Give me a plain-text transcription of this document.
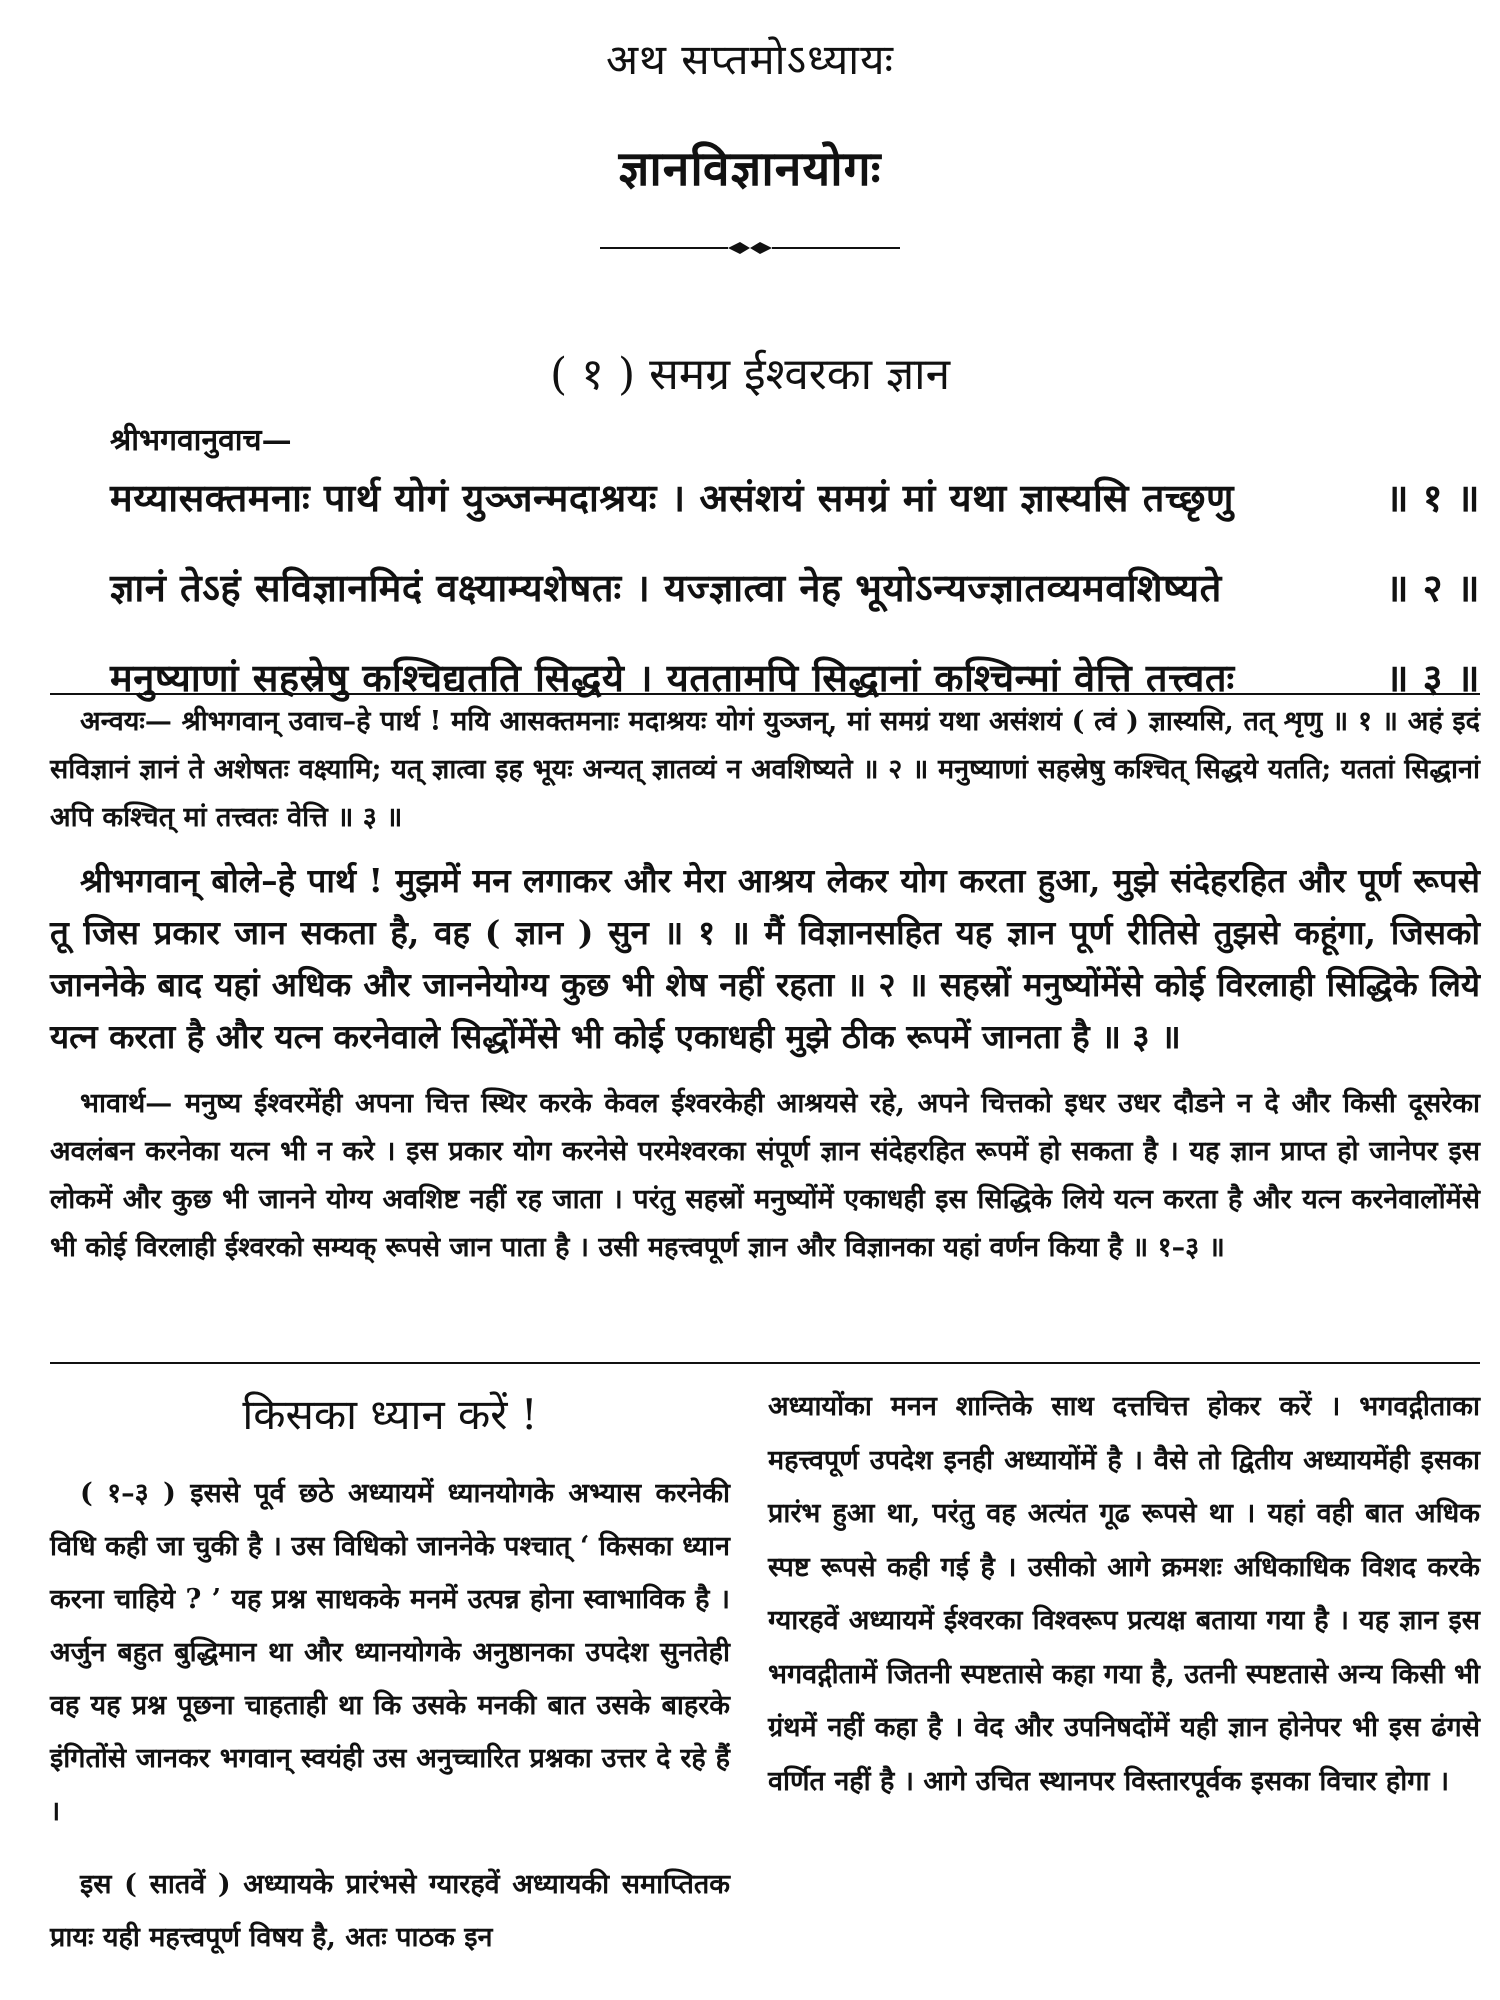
अथ सप्तमोऽध्यायः
ज्ञानविज्ञानयोगः
( १ ) समग्र ईश्वरका ज्ञान
श्रीभगवानुवाच—
मय्यासक्तमनाः पार्थ योगं युञ्जन्मदाश्रयः । असंशयं समग्रं मां यथा ज्ञास्यसि तच्छृणु	॥ १ ॥
ज्ञानं तेऽहं सविज्ञानमिदं वक्ष्याम्यशेषतः । यज्ज्ञात्वा नेह भूयोऽन्यज्ज्ञातव्यमवशिष्यते	॥ २ ॥
मनुष्याणां सहस्रेषु कश्चिद्यतति सिद्धये । यततामपि सिद्धानां कश्चिन्मां वेत्ति तत्त्वतः	॥ ३ ॥
अन्वयः— श्रीभगवान् उवाच–हे पार्थ ! मयि आसक्तमनाः मदाश्रयः योगं युञ्जन्, मां समग्रं यथा असंशयं ( त्वं ) ज्ञास्यसि, तत् शृणु ॥ १ ॥ अहं इदं सविज्ञानं ज्ञानं ते अशेषतः वक्ष्यामि; यत् ज्ञात्वा इह भूयः अन्यत् ज्ञातव्यं न अवशिष्यते ॥ २ ॥ मनुष्याणां सहस्रेषु कश्चित् सिद्धये यतति; यततां सिद्धानां अपि कश्चित् मां तत्त्वतः वेत्ति ॥ ३ ॥
श्रीभगवान् बोले–हे पार्थ ! मुझमें मन लगाकर और मेरा आश्रय लेकर योग करता हुआ, मुझे संदेहरहित और पूर्ण रूपसे तू जिस प्रकार जान सकता है, वह ( ज्ञान ) सुन ॥ १ ॥ मैं विज्ञानसहित यह ज्ञान पूर्ण रीतिसे तुझसे कहूंगा, जिसको जाननेके बाद यहां अधिक और जाननेयोग्य कुछ भी शेष नहीं रहता ॥ २ ॥ सहस्रों मनुष्योंमेंसे कोई विरलाही सिद्धिके लिये यत्न करता है और यत्न करनेवाले सिद्धोंमेंसे भी कोई एकाधही मुझे ठीक रूपमें जानता है ॥ ३ ॥
भावार्थ— मनुष्य ईश्वरमेंही अपना चित्त स्थिर करके केवल ईश्वरकेही आश्रयसे रहे, अपने चित्तको इधर उधर दौडने न दे और किसी दूसरेका अवलंबन करनेका यत्न भी न करे । इस प्रकार योग करनेसे परमेश्वरका संपूर्ण ज्ञान संदेहरहित रूपमें हो सकता है । यह ज्ञान प्राप्त हो जानेपर इस लोकमें और कुछ भी जानने योग्य अवशिष्ट नहीं रह जाता । परंतु सहस्रों मनुष्योंमें एकाधही इस सिद्धिके लिये यत्न करता है और यत्न करनेवालोंमेंसे भी कोई विरलाही ईश्वरको सम्यक् रूपसे जान पाता है । उसी महत्त्वपूर्ण ज्ञान और विज्ञानका यहां वर्णन किया है ॥ १–३ ॥
किसका ध्यान करें !

( १–३ ) इससे पूर्व छठे अध्यायमें ध्यानयोगके अभ्यास करनेकी विधि कही जा चुकी है । उस विधिको जाननेके पश्चात् ‘ किसका ध्यान करना चाहिये ? ’ यह प्रश्न साधकके मनमें उत्पन्न होना स्वाभाविक है । अर्जुन बहुत बुद्धिमान था और ध्यानयोगके अनुष्ठानका उपदेश सुनतेही वह यह प्रश्न पूछना चाहताही था कि उसके मनकी बात उसके बाहरके इंगितोंसे जानकर भगवान् स्वयंही उस अनुच्चारित प्रश्नका उत्तर दे रहे हैं ।

इस ( सातवें ) अध्यायके प्रारंभसे ग्यारहवें अध्यायकी समाप्तितक प्रायः यही महत्त्वपूर्ण विषय है, अतः पाठक इन

अध्यायोंका मनन शान्तिके साथ दत्तचित्त होकर करें । भगवद्गीताका महत्त्वपूर्ण उपदेश इनही अध्यायोंमें है । वैसे तो द्वितीय अध्यायमेंही इसका प्रारंभ हुआ था, परंतु वह अत्यंत गूढ रूपसे था । यहां वही बात अधिक स्पष्ट रूपसे कही गई है । उसीको आगे क्रमशः अधिकाधिक विशद करके ग्यारहवें अध्यायमें ईश्वरका विश्वरूप प्रत्यक्ष बताया गया है । यह ज्ञान इस भगवद्गीतामें जितनी स्पष्टतासे कहा गया है, उतनी स्पष्टतासे अन्य किसी भी ग्रंथमें नहीं कहा है । वेद और उपनिषदोंमें यही ज्ञान होनेपर भी इस ढंगसे वर्णित नहीं है । आगे उचित स्थानपर विस्तारपूर्वक इसका विचार होगा ।
